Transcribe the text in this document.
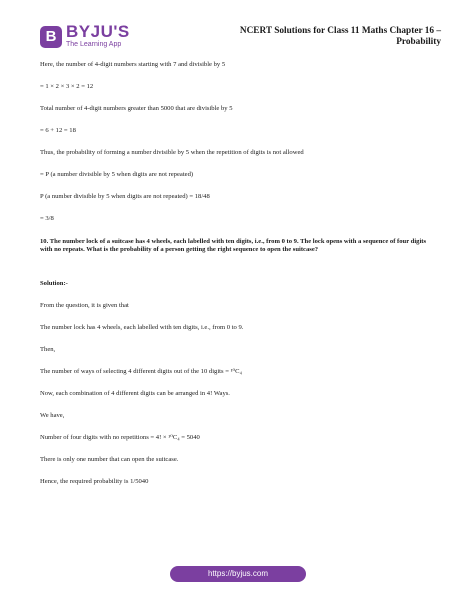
B BYJU'S
The Learning App
NCERT Solutions for Class 11 Maths Chapter 16 –
Probability

Here, the number of 4-digit numbers starting with 7 and divisible by 5

= 1 × 2 × 3 × 2 = 12

Total number of 4-digit numbers greater than 5000 that are divisible by 5

= 6 + 12 = 18

Thus, the probability of forming a number divisible by 5 when the repetition of digits is not allowed

= P (a number divisible by 5 when digits are not repeated)

P (a number divisible by 5 when digits are not repeated) = 18/48

= 3/8

10. The number lock of a suitcase has 4 wheels, each labelled with ten digits, i.e., from 0 to 9. The lock opens with a sequence of four digits with no repeats. What is the probability of a person getting the right sequence to open the suitcase?

Solution:-

From the question, it is given that

The number lock has 4 wheels, each labelled with ten digits, i.e., from 0 to 9.

Then,

The number of ways of selecting 4 different digits out of the 10 digits = ¹⁰C₄

Now, each combination of 4 different digits can be arranged in 4! Ways.

We have,

Number of four digits with no repetitions = 4! × ¹⁰C₄ = 5040

There is only one number that can open the suitcase.

Hence, the required probability is 1/5040

https://byjus.com
